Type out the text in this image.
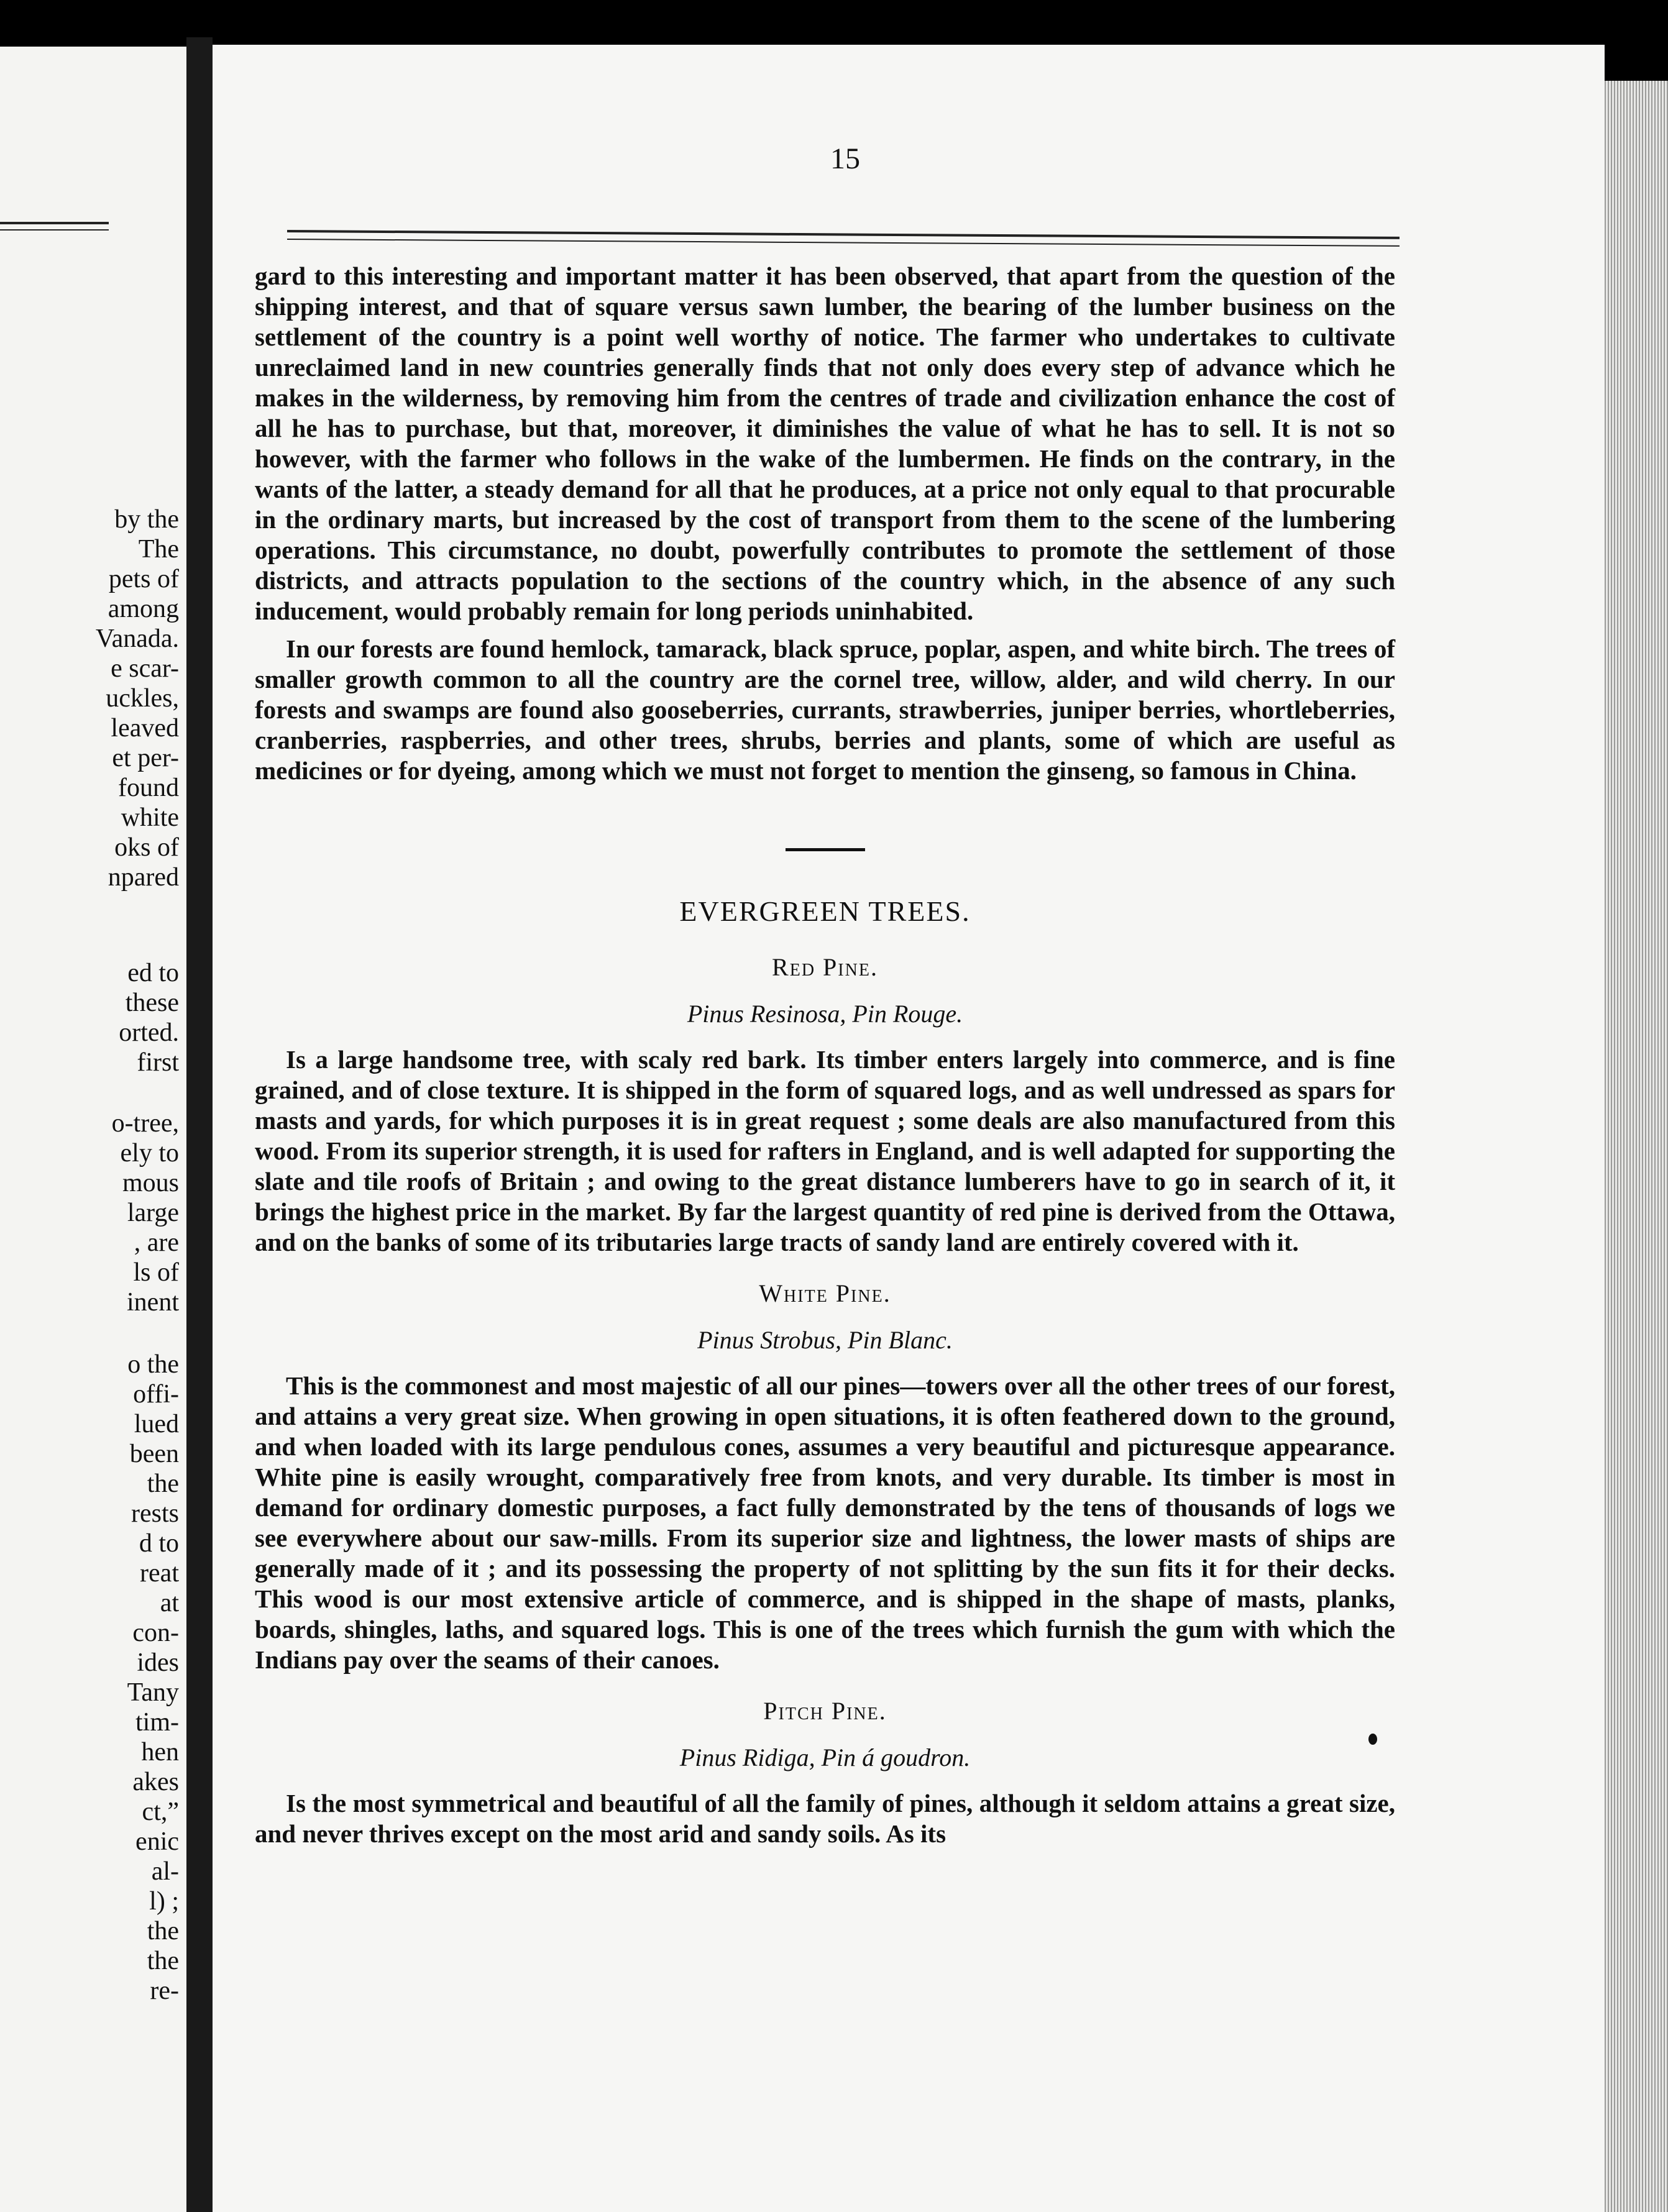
by the
The
pets of
among
Vanada.
e scar-
uckles,
leaved
et per-
found
white
oks of
npared
ed to
these
orted.
first
o-tree,
ely to
mous
large
, are
ls of
inent
o the
offi-
lued
been
the
rests
d to
reat
at
con-
ides
Tany
tim-
hen
akes
ct,”
enic
al-
l) ;
the
the
re-
15

gard to this interesting and important matter it has been observed, that apart from the question of the shipping interest, and that of square versus sawn lumber, the bearing of the lumber business on the settlement of the country is a point well worthy of notice. The farmer who undertakes to cultivate unreclaimed land in new countries generally finds that not only does every step of advance which he makes in the wilderness, by removing him from the centres of trade and civilization enhance the cost of all he has to purchase, but that, moreover, it diminishes the value of what he has to sell. It is not so however, with the farmer who follows in the wake of the lumbermen. He finds on the contrary, in the wants of the latter, a steady demand for all that he produces, at a price not only equal to that procurable in the ordinary marts, but increased by the cost of transport from them to the scene of the lumbering operations. This circumstance, no doubt, powerfully contributes to promote the settlement of those districts, and attracts population to the sections of the country which, in the absence of any such inducement, would probably remain for long periods uninhabited.

In our forests are found hemlock, tamarack, black spruce, poplar, aspen, and white birch. The trees of smaller growth common to all the country are the cornel tree, willow, alder, and wild cherry. In our forests and swamps are found also gooseberries, currants, strawberries, juniper berries, whortleberries, cranberries, raspberries, and other trees, shrubs, berries and plants, some of which are useful as medicines or for dyeing, among which we must not forget to mention the ginseng, so famous in China.

EVERGREEN TREES.
Red Pine.
Pinus Resinosa, Pin Rouge.

Is a large handsome tree, with scaly red bark. Its timber enters largely into commerce, and is fine grained, and of close texture. It is shipped in the form of squared logs, and as well undressed as spars for masts and yards, for which purposes it is in great request ; some deals are also manufactured from this wood. From its superior strength, it is used for rafters in England, and is well adapted for supporting the slate and tile roofs of Britain ; and owing to the great distance lumberers have to go in search of it, it brings the highest price in the market. By far the largest quantity of red pine is derived from the Ottawa, and on the banks of some of its tributaries large tracts of sandy land are entirely covered with it.

White Pine.
Pinus Strobus, Pin Blanc.

This is the commonest and most majestic of all our pines—towers over all the other trees of our forest, and attains a very great size. When growing in open situations, it is often feathered down to the ground, and when loaded with its large pendulous cones, assumes a very beautiful and picturesque appearance. White pine is easily wrought, comparatively free from knots, and very durable. Its timber is most in demand for ordinary domestic purposes, a fact fully demonstrated by the tens of thousands of logs we see everywhere about our saw-mills. From its superior size and lightness, the lower masts of ships are generally made of it ; and its possessing the property of not splitting by the sun fits it for their decks. This wood is our most extensive article of commerce, and is shipped in the shape of masts, planks, boards, shingles, laths, and squared logs. This is one of the trees which furnish the gum with which the Indians pay over the seams of their canoes.

Pitch Pine.
Pinus Ridiga, Pin á goudron.

Is the most symmetrical and beautiful of all the family of pines, although it seldom attains a great size, and never thrives except on the most arid and sandy soils. As its
